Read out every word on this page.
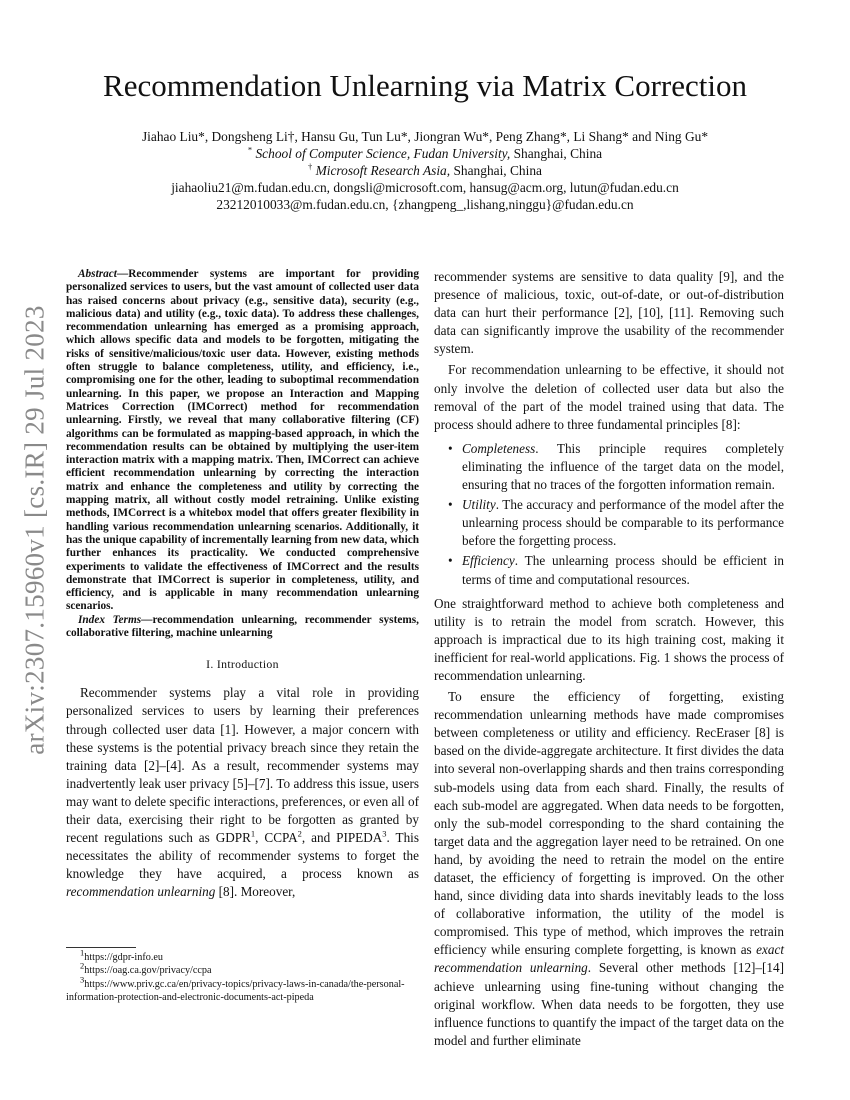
arXiv:2307.15960v1 [cs.IR] 29 Jul 2023
Recommendation Unlearning via Matrix Correction
Jiahao Liu*, Dongsheng Li†, Hansu Gu, Tun Lu*, Jiongran Wu*, Peng Zhang*, Li Shang* and Ning Gu*
* School of Computer Science, Fudan University, Shanghai, China
† Microsoft Research Asia, Shanghai, China
jiahaoliu21@m.fudan.edu.cn, dongsli@microsoft.com, hansug@acm.org, lutun@fudan.edu.cn
23212010033@m.fudan.edu.cn, {zhangpeng_,lishang,ninggu}@fudan.edu.cn

Abstract—Recommender systems are important for providing personalized services to users, but the vast amount of collected user data has raised concerns about privacy (e.g., sensitive data), security (e.g., malicious data) and utility (e.g., toxic data). To address these challenges, recommendation unlearning has emerged as a promising approach, which allows specific data and models to be forgotten, mitigating the risks of sensitive/malicious/toxic user data. However, existing methods often struggle to balance completeness, utility, and efficiency, i.e., compromising one for the other, leading to suboptimal recommendation unlearning. In this paper, we propose an Interaction and Mapping Matrices Correction (IMCorrect) method for recommendation unlearning. Firstly, we reveal that many collaborative filtering (CF) algorithms can be formulated as mapping-based approach, in which the recommendation results can be obtained by multiplying the user-item interaction matrix with a mapping matrix. Then, IMCorrect can achieve efficient recommendation unlearning by correcting the interaction matrix and enhance the completeness and utility by correcting the mapping matrix, all without costly model retraining. Unlike existing methods, IMCorrect is a whitebox model that offers greater flexibility in handling various recommendation unlearning scenarios. Additionally, it has the unique capability of incrementally learning from new data, which further enhances its practicality. We conducted comprehensive experiments to validate the effectiveness of IMCorrect and the results demonstrate that IMCorrect is superior in completeness, utility, and efficiency, and is applicable in many recommendation unlearning scenarios.

Index Terms—recommendation unlearning, recommender systems, collaborative filtering, machine unlearning

I. Introduction

Recommender systems play a vital role in providing personalized services to users by learning their preferences through collected user data [1]. However, a major concern with these systems is the potential privacy breach since they retain the training data [2]–[4]. As a result, recommender systems may inadvertently leak user privacy [5]–[7]. To address this issue, users may want to delete specific interactions, preferences, or even all of their data, exercising their right to be forgotten as granted by recent regulations such as GDPR$^1$, CCPA$^2$, and PIPEDA$^3$. This necessitates the ability of recommender systems to forget the knowledge they have acquired, a process known as recommendation unlearning [8]. Moreover,

$^1$https://gdpr-info.eu
$^2$https://oag.ca.gov/privacy/ccpa
$^3$https://www.priv.gc.ca/en/privacy-topics/privacy-laws-in-canada/the-personal-information-protection-and-electronic-documents-act-pipeda

recommender systems are sensitive to data quality [9], and the presence of malicious, toxic, out-of-date, or out-of-distribution data can hurt their performance [2], [10], [11]. Removing such data can significantly improve the usability of the recommender system.

For recommendation unlearning to be effective, it should not only involve the deletion of collected user data but also the removal of the part of the model trained using that data. The process should adhere to three fundamental principles [8]:

• Completeness. This principle requires completely eliminating the influence of the target data on the model, ensuring that no traces of the forgotten information remain.
• Utility. The accuracy and performance of the model after the unlearning process should be comparable to its performance before the forgetting process.
• Efficiency. The unlearning process should be efficient in terms of time and computational resources.

One straightforward method to achieve both completeness and utility is to retrain the model from scratch. However, this approach is impractical due to its high training cost, making it inefficient for real-world applications. Fig. 1 shows the process of recommendation unlearning.

To ensure the efficiency of forgetting, existing recommendation unlearning methods have made compromises between completeness or utility and efficiency. RecEraser [8] is based on the divide-aggregate architecture. It first divides the data into several non-overlapping shards and then trains corresponding sub-models using data from each shard. Finally, the results of each sub-model are aggregated. When data needs to be forgotten, only the sub-model corresponding to the shard containing the target data and the aggregation layer need to be retrained. On one hand, by avoiding the need to retrain the model on the entire dataset, the efficiency of forgetting is improved. On the other hand, since dividing data into shards inevitably leads to the loss of collaborative information, the utility of the model is compromised. This type of method, which improves the retrain efficiency while ensuring complete forgetting, is known as exact recommendation unlearning. Several other methods [12]–[14] achieve unlearning using fine-tuning without changing the original workflow. When data needs to be forgotten, they use influence functions to quantify the impact of the target data on the model and further eliminate
